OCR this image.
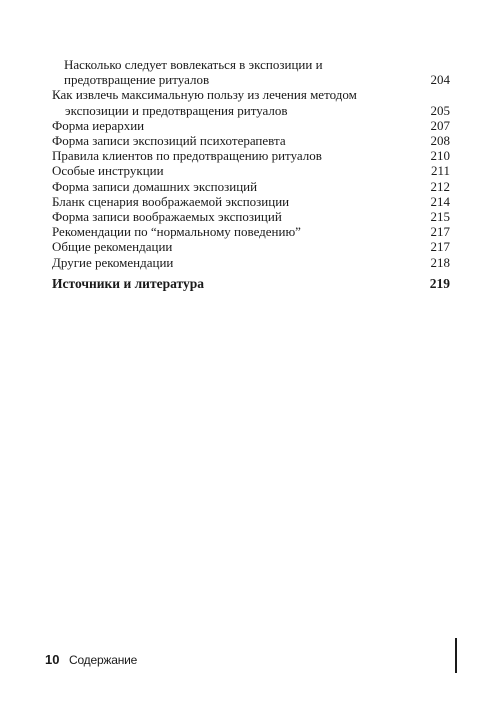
Насколько следует вовлекаться в экспозиции и предотвращение ритуалов	204
Как извлечь максимальную пользу из лечения методом экспозиции и предотвращения ритуалов	205
Форма иерархии	207
Форма записи экспозиций психотерапевта	208
Правила клиентов по предотвращению ритуалов	210
Особые инструкции	211
Форма записи домашних экспозиций	212
Бланк сценария воображаемой экспозиции	214
Форма записи воображаемых экспозиций	215
Рекомендации по “нормальному поведению”	217
Общие рекомендации	217
Другие рекомендации	218
Источники и литература	219
10 Содержание
